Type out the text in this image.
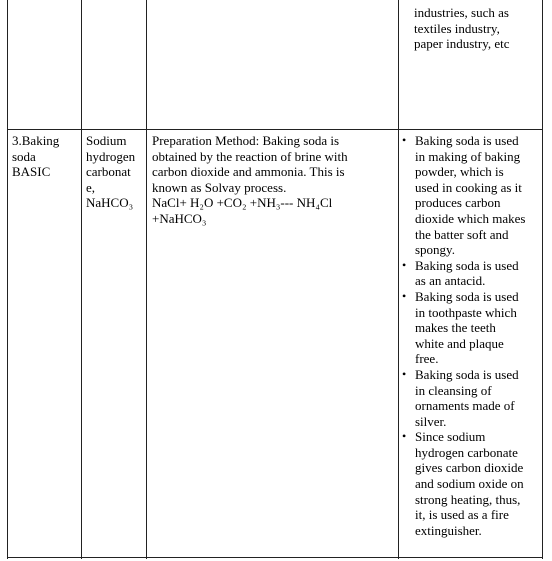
industries, such as
textiles industry,
paper industry, etc
3.Baking
soda
BASIC
Sodium
hydrogen
carbonat
e,
NaHCO₃
Preparation Method: Baking soda is
obtained by the reaction of brine with
carbon dioxide and ammonia. This is
known as Solvay process.
NaCl+ H₂O +CO₂ +NH₃--- NH₄Cl
+NaHCO₃
• Baking soda is used
in making of baking
powder, which is
used in cooking as it
produces carbon
dioxide which makes
the batter soft and
spongy.
• Baking soda is used
as an antacid.
• Baking soda is used
in toothpaste which
makes the teeth
white and plaque
free.
• Baking soda is used
in cleansing of
ornaments made of
silver.
• Since sodium
hydrogen carbonate
gives carbon dioxide
and sodium oxide on
strong heating, thus,
it, is used as a fire
extinguisher.
